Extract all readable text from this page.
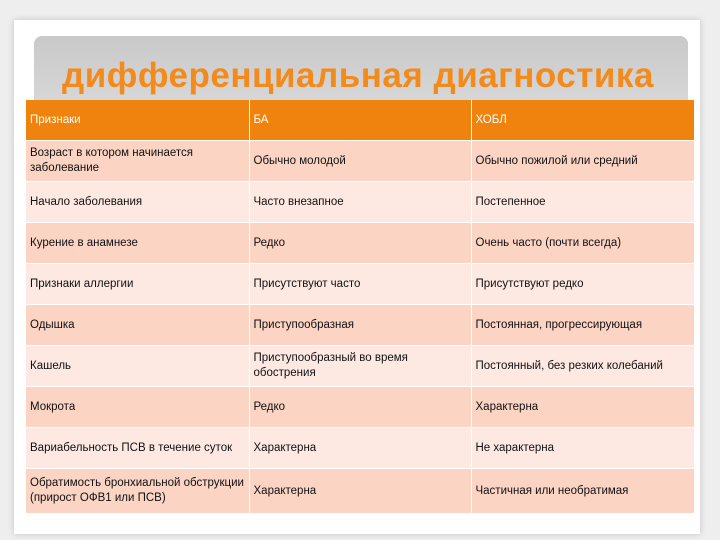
дифференциальная диагностика
Признаки	БА	ХОБЛ
Возраст в котором начинается заболевание	Обычно молодой	Обычно пожилой или средний
Начало заболевания	Часто внезапное	Постепенное
Курение в анамнезе	Редко	Очень часто (почти всегда)
Признаки аллергии	Присутствуют часто	Присутствуют редко
Одышка	Приступообразная	Постоянная, прогрессирующая
Кашель	Приступообразный во время обострения	Постоянный, без резких колебаний
Мокрота	Редко	Характерна
Вариабельность ПСВ в течение суток	Характерна	Не характерна
Обратимость бронхиальной обструкции (прирост ОФВ1 или ПСВ)	Характерна	Частичная или необратимая
